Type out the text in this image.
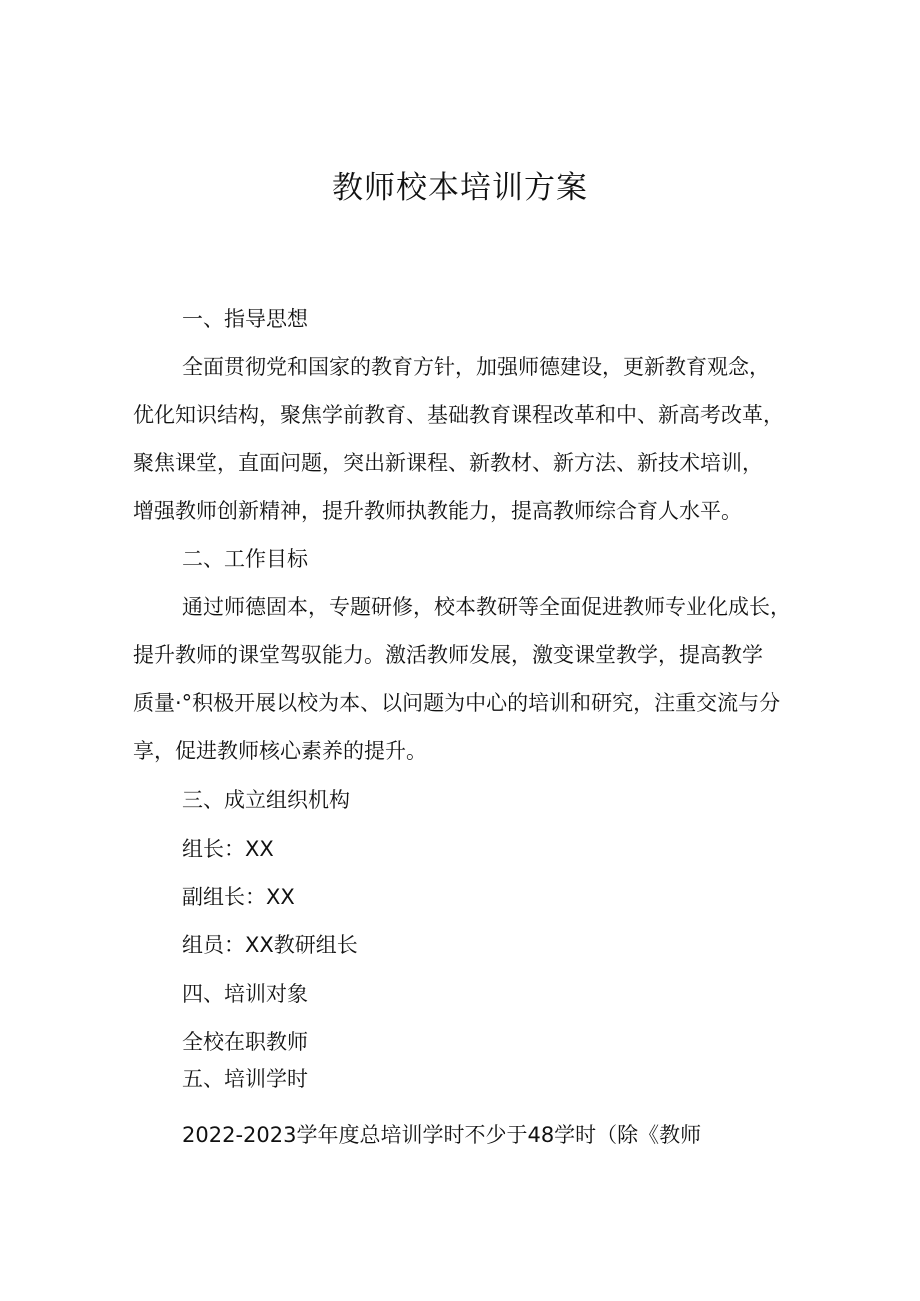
教师校本培训方案
一、指导思想
全面贯彻党和国家的教育方针，加强师德建设，更新教育观念，
优化知识结构，聚焦学前教育、基础教育课程改革和中、新高考改革，
聚焦课堂，直面问题，突出新课程、新教材、新方法、新技术培训，
增强教师创新精神，提升教师执教能力，提高教师综合育人水平。
二、工作目标
通过师德固本，专题研修，校本教研等全面促进教师专业化成长，
提升教师的课堂驾驭能力。激活教师发展，激变课堂教学，提高教学
质量·°积极开展以校为本、以问题为中心的培训和研究，注重交流与分
享，促进教师核心素养的提升。
三、成立组织机构
组长：XX
副组长：XX
组员：XX教研组长
四、培训对象
全校在职教师
五、培训学时
2022-2023学年度总培训学时不少于48学时（除《教师
